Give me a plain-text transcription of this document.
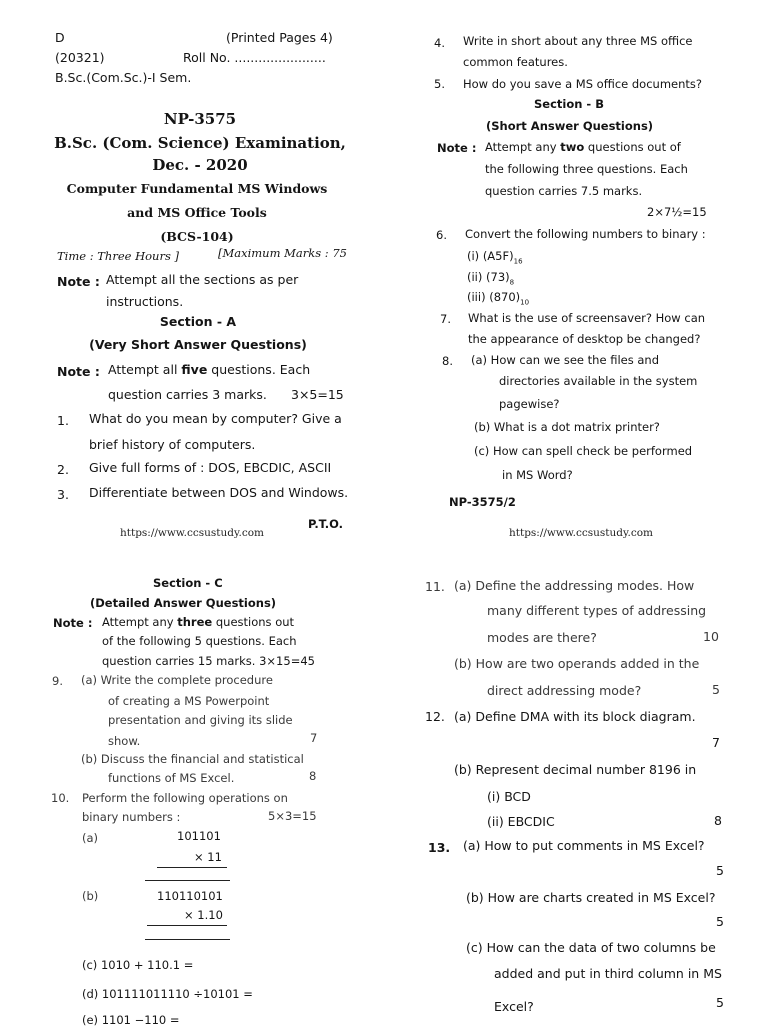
D	(Printed Pages 4)
(20321)	Roll No. .......................
B.Sc.(Com.Sc.)-I Sem.
NP-3575
B.Sc. (Com. Science) Examination,
Dec. - 2020
Computer Fundamental MS Windows
and MS Office Tools
(BCS-104)
Time : Three Hours ]	[Maximum Marks : 75
Note : Attempt all the sections as per
instructions.
Section - A
(Very Short Answer Questions)
Note : Attempt all five questions. Each
question carries 3 marks. 3×5=15
1. What do you mean by computer? Give a
brief history of computers.
2. Give full forms of : DOS, EBCDIC, ASCII
3. Differentiate between DOS and Windows.
https://www.ccsustudy.com
P.T.O.
4. Write in short about any three MS office
common features.
5. How do you save a MS office documents?
Section - B
(Short Answer Questions)
Note : Attempt any two questions out of
the following three questions. Each
question carries 7.5 marks.
2×7½=15
6. Convert the following numbers to binary :
(i) $(A5F)_{16}$
(ii) $(73)_8$
(iii) $(870)_{10}$
7. What is the use of screensaver? How can
the appearance of desktop be changed?
8. (a) How can we see the files and
directories available in the system
pagewise?
(b) What is a dot matrix printer?
(c) How can spell check be performed
in MS Word?
NP-3575/2
https://www.ccsustudy.com
Section - C
(Detailed Answer Questions)
Note : Attempt any three questions out
of the following 5 questions. Each
question carries 15 marks. 3×15=45
9. (a) Write the complete procedure
of creating a MS Powerpoint
presentation and giving its slide
show.	7
(b) Discuss the financial and statistical
functions of MS Excel.	8
10. Perform the following operations on
binary numbers :	5×3=15
(a)	101101
× 11
(b)	110110101
× 1.10
(c) 1010 + 110.1 =
(d) 101111011110 ÷10101 =
(e) 1101 −110 =
11. (a) Define the addressing modes. How
many different types of addressing
modes are there?	10
(b) How are two operands added in the
direct addressing mode?	5
12. (a) Define DMA with its block diagram.
7
(b) Represent decimal number 8196 in
(i) BCD
(ii) EBCDIC	8
13. (a) How to put comments in MS Excel?
5
(b) How are charts created in MS Excel?
5
(c) How can the data of two columns be
added and put in third column in MS
Excel?	5
